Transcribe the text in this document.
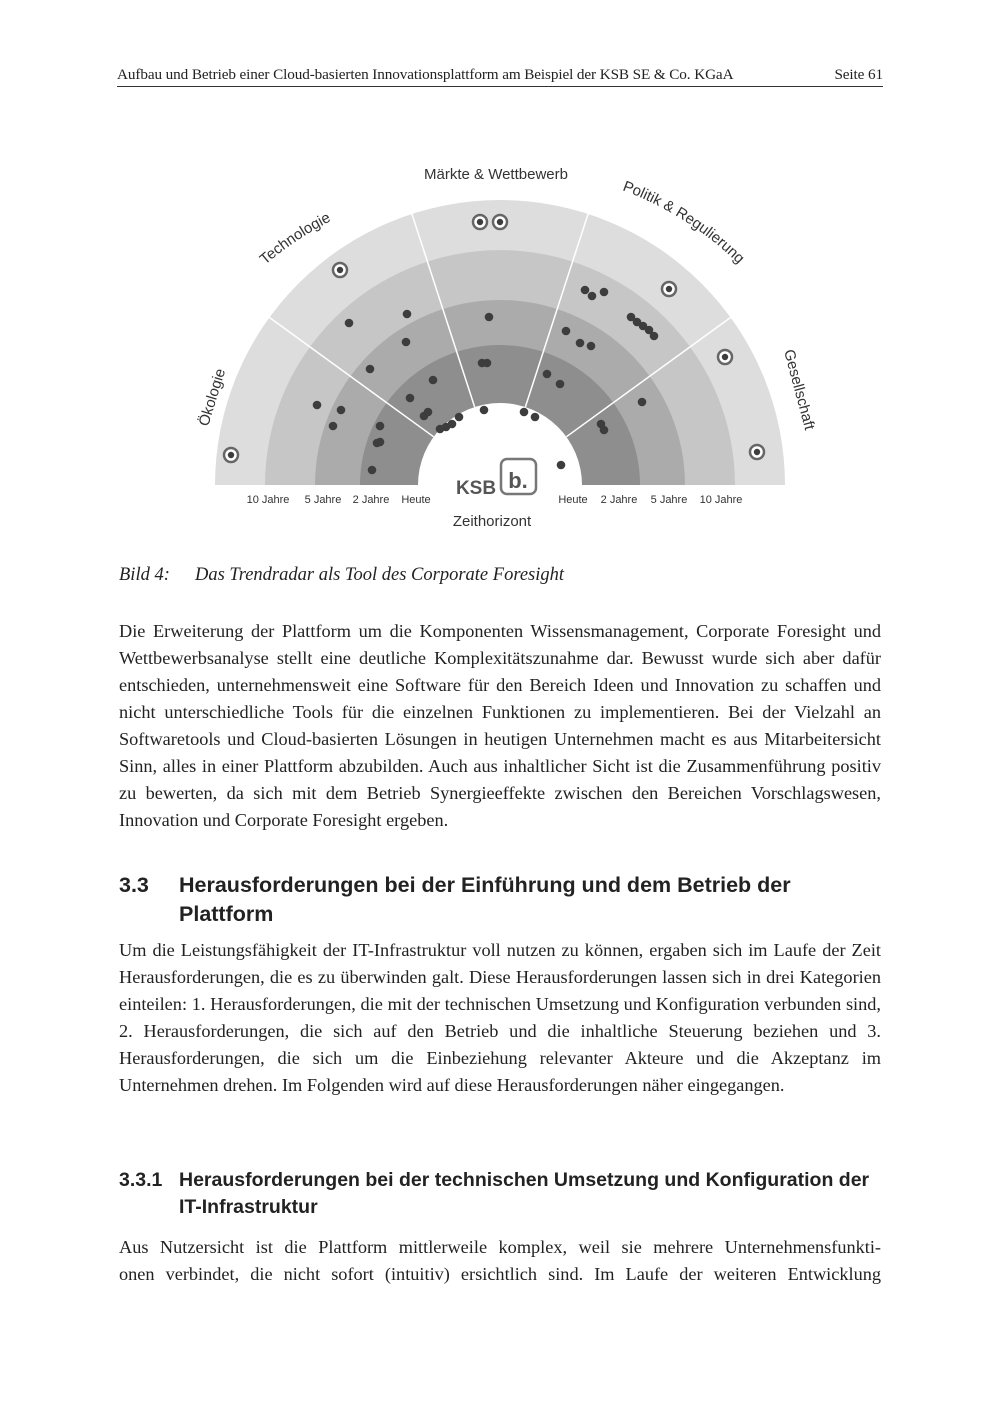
Aufbau und Betrieb einer Cloud-basierten Innovationsplattform am Beispiel der KSB SE & Co. KGaA	Seite 61
Märkte & Wettbewerb
Technologie
Politik & Regulierung
Ökologie	Gesellschaft
10 Jahre 5 Jahre 2 Jahre Heute	Heute 2 Jahre 5 Jahre 10 Jahre
Zeithorizont
KSB b.
Bild 4: Das Trendradar als Tool des Corporate Foresight

Die Erweiterung der Plattform um die Komponenten Wissensmanagement, Corporate Foresight und Wettbewerbsanalyse stellt eine deutliche Komplexitätszunahme dar. Bewusst wurde sich aber dafür entschieden, unternehmensweit eine Software für den Bereich Ideen und Innovation zu schaffen und nicht unterschiedliche Tools für die einzelnen Funktionen zu implementieren. Bei der Vielzahl an Softwaretools und Cloud-basierten Lösungen in heutigen Unternehmen macht es aus Mitarbeitersicht Sinn, alles in einer Plattform abzubilden. Auch aus inhaltlicher Sicht ist die Zusammenführung positiv zu bewerten, da sich mit dem Betrieb Synergieeffekte zwischen den Bereichen Vorschlagswesen, Innovation und Corporate Foresight ergeben.

3.3	Herausforderungen bei der Einführung und dem Betrieb der Plattform

Um die Leistungsfähigkeit der IT-Infrastruktur voll nutzen zu können, ergaben sich im Laufe der Zeit Herausforderungen, die es zu überwinden galt. Diese Herausforderungen lassen sich in drei Kategorien einteilen: 1. Herausforderungen, die mit der technischen Umsetzung und Konfiguration verbunden sind, 2. Herausforderungen, die sich auf den Betrieb und die inhaltliche Steuerung beziehen und 3. Herausforderungen, die sich um die Einbeziehung relevanter Akteure und die Akzeptanz im Unternehmen drehen. Im Folgenden wird auf diese Herausforderungen näher eingegangen.

3.3.1 Herausforderungen bei der technischen Umsetzung und Konfiguration der IT-Infrastruktur
Aus Nutzersicht ist die Plattform mittlerweile komplex, weil sie mehrere Unternehmensfunkti-
onen verbindet, die nicht sofort (intuitiv) ersichtlich sind. Im Laufe der weiteren Entwicklung
